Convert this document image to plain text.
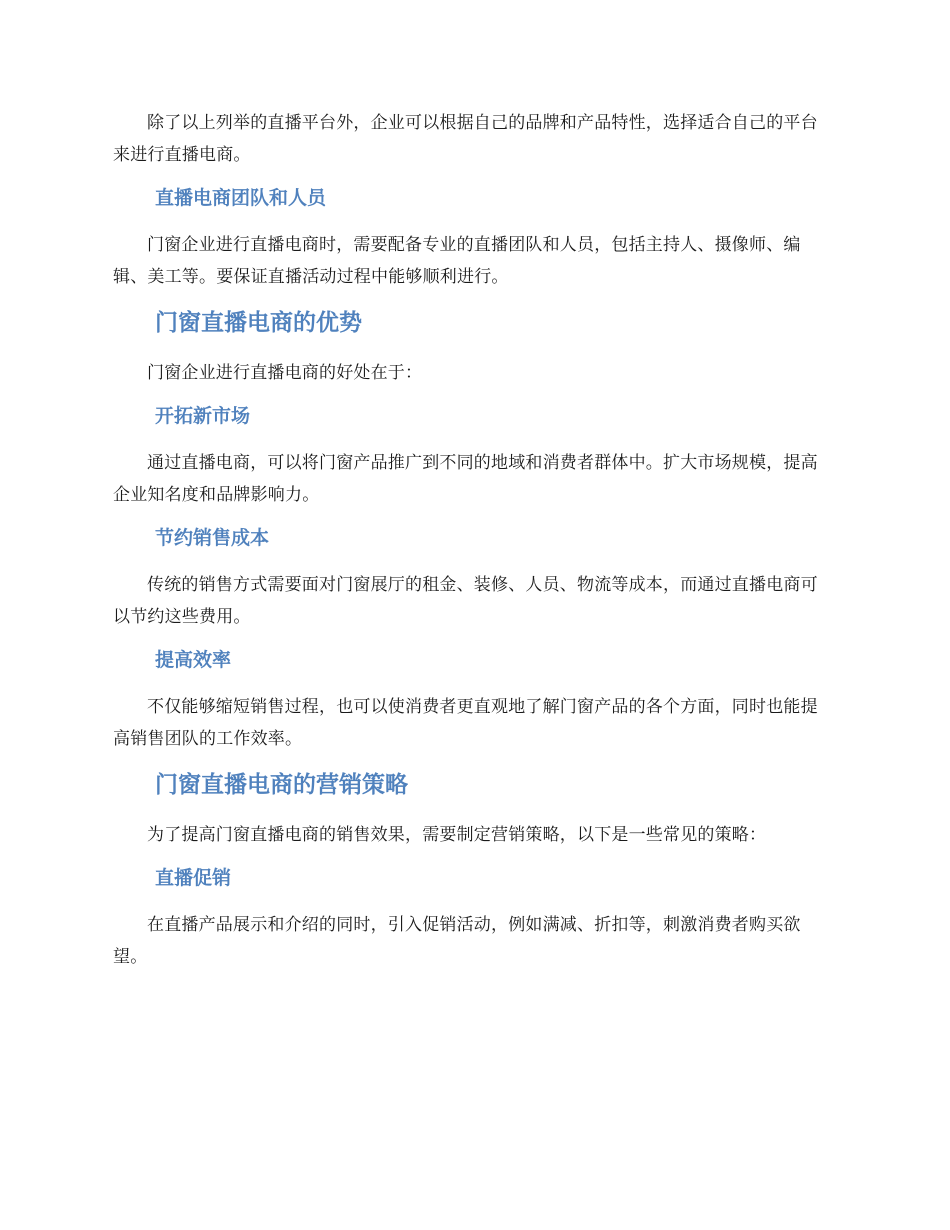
除了以上列举的直播平台外，企业可以根据自己的品牌和产品特性，选择适合自己的平台来进行直播电商。

直播电商团队和人员

门窗企业进行直播电商时，需要配备专业的直播团队和人员，包括主持人、摄像师、编辑、美工等。要保证直播活动过程中能够顺利进行。

门窗直播电商的优势

门窗企业进行直播电商的好处在于：

开拓新市场

通过直播电商，可以将门窗产品推广到不同的地域和消费者群体中。扩大市场规模，提高企业知名度和品牌影响力。

节约销售成本

传统的销售方式需要面对门窗展厅的租金、装修、人员、物流等成本，而通过直播电商可以节约这些费用。

提高效率

不仅能够缩短销售过程，也可以使消费者更直观地了解门窗产品的各个方面，同时也能提高销售团队的工作效率。

门窗直播电商的营销策略

为了提高门窗直播电商的销售效果，需要制定营销策略，以下是一些常见的策略：

直播促销

在直播产品展示和介绍的同时，引入促销活动，例如满减、折扣等，刺激消费者购买欲望。
